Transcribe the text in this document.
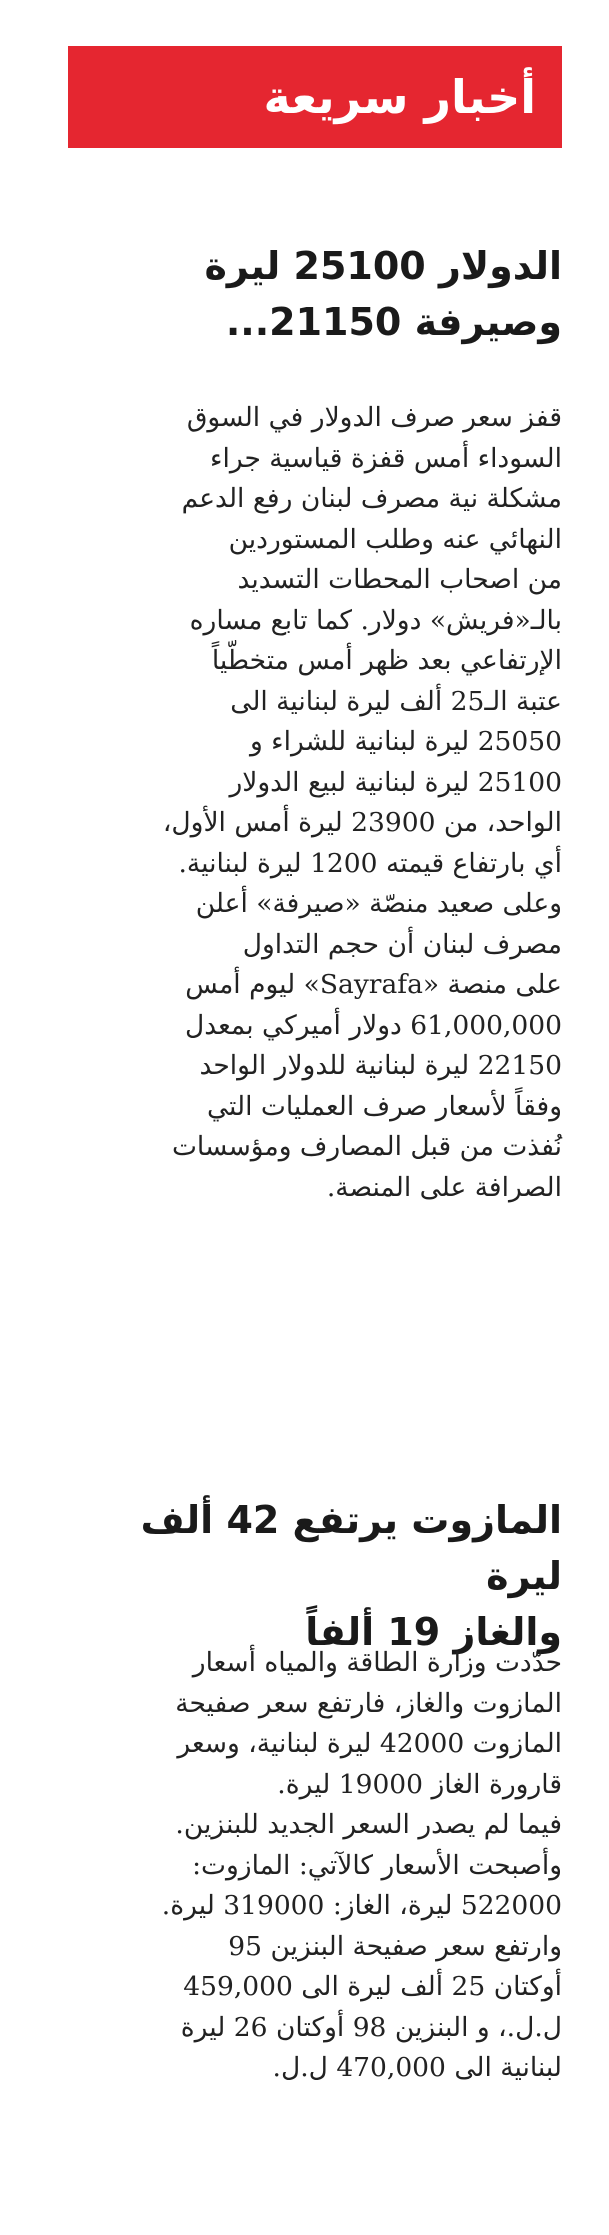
أخبار سريعة
الدولار 25100 ليرة
وصيرفة 21150...
قفز سعر صرف الدولار في السوق
السوداء أمس قفزة قياسية جراء
مشكلة نية مصرف لبنان رفع الدعم
النهائي عنه وطلب المستوردين
من اصحاب المحطات التسديد
بالـ«فريش» دولار. كما تابع مساره
الإرتفاعي بعد ظهر أمس متخطّياً
عتبة الـ25 ألف ليرة لبنانية الى
25050 ليرة لبنانية للشراء و
25100 ليرة لبنانية لبيع الدولار
الواحد، من 23900 ليرة أمس الأول،
أي بارتفاع قيمته 1200 ليرة لبنانية.
وعلى صعيد منصّة «صيرفة» أعلن
مصرف لبنان أن حجم التداول
على منصة «Sayrafa» ليوم أمس
61,000,000 دولار أميركي بمعدل
22150 ليرة لبنانية للدولار الواحد
وفقاً لأسعار صرف العمليات التي
نُفذت من قبل المصارف ومؤسسات
الصرافة على المنصة.
المازوت يرتفع 42 ألف ليرة
والغاز 19 ألفاً
حدّدت وزارة الطاقة والمياه أسعار
المازوت والغاز، فارتفع سعر صفيحة
المازوت 42000 ليرة لبنانية، وسعر
قارورة الغاز 19000 ليرة.
فيما لم يصدر السعر الجديد للبنزين.
وأصبحت الأسعار كالآتي: المازوت:
522000 ليرة، الغاز: 319000 ليرة.
وارتفع سعر صفيحة البنزين 95
أوكتان 25 ألف ليرة الى 459,000
ل.ل.، و البنزين 98 أوكتان 26 ليرة
لبنانية الى 470,000 ل.ل.
